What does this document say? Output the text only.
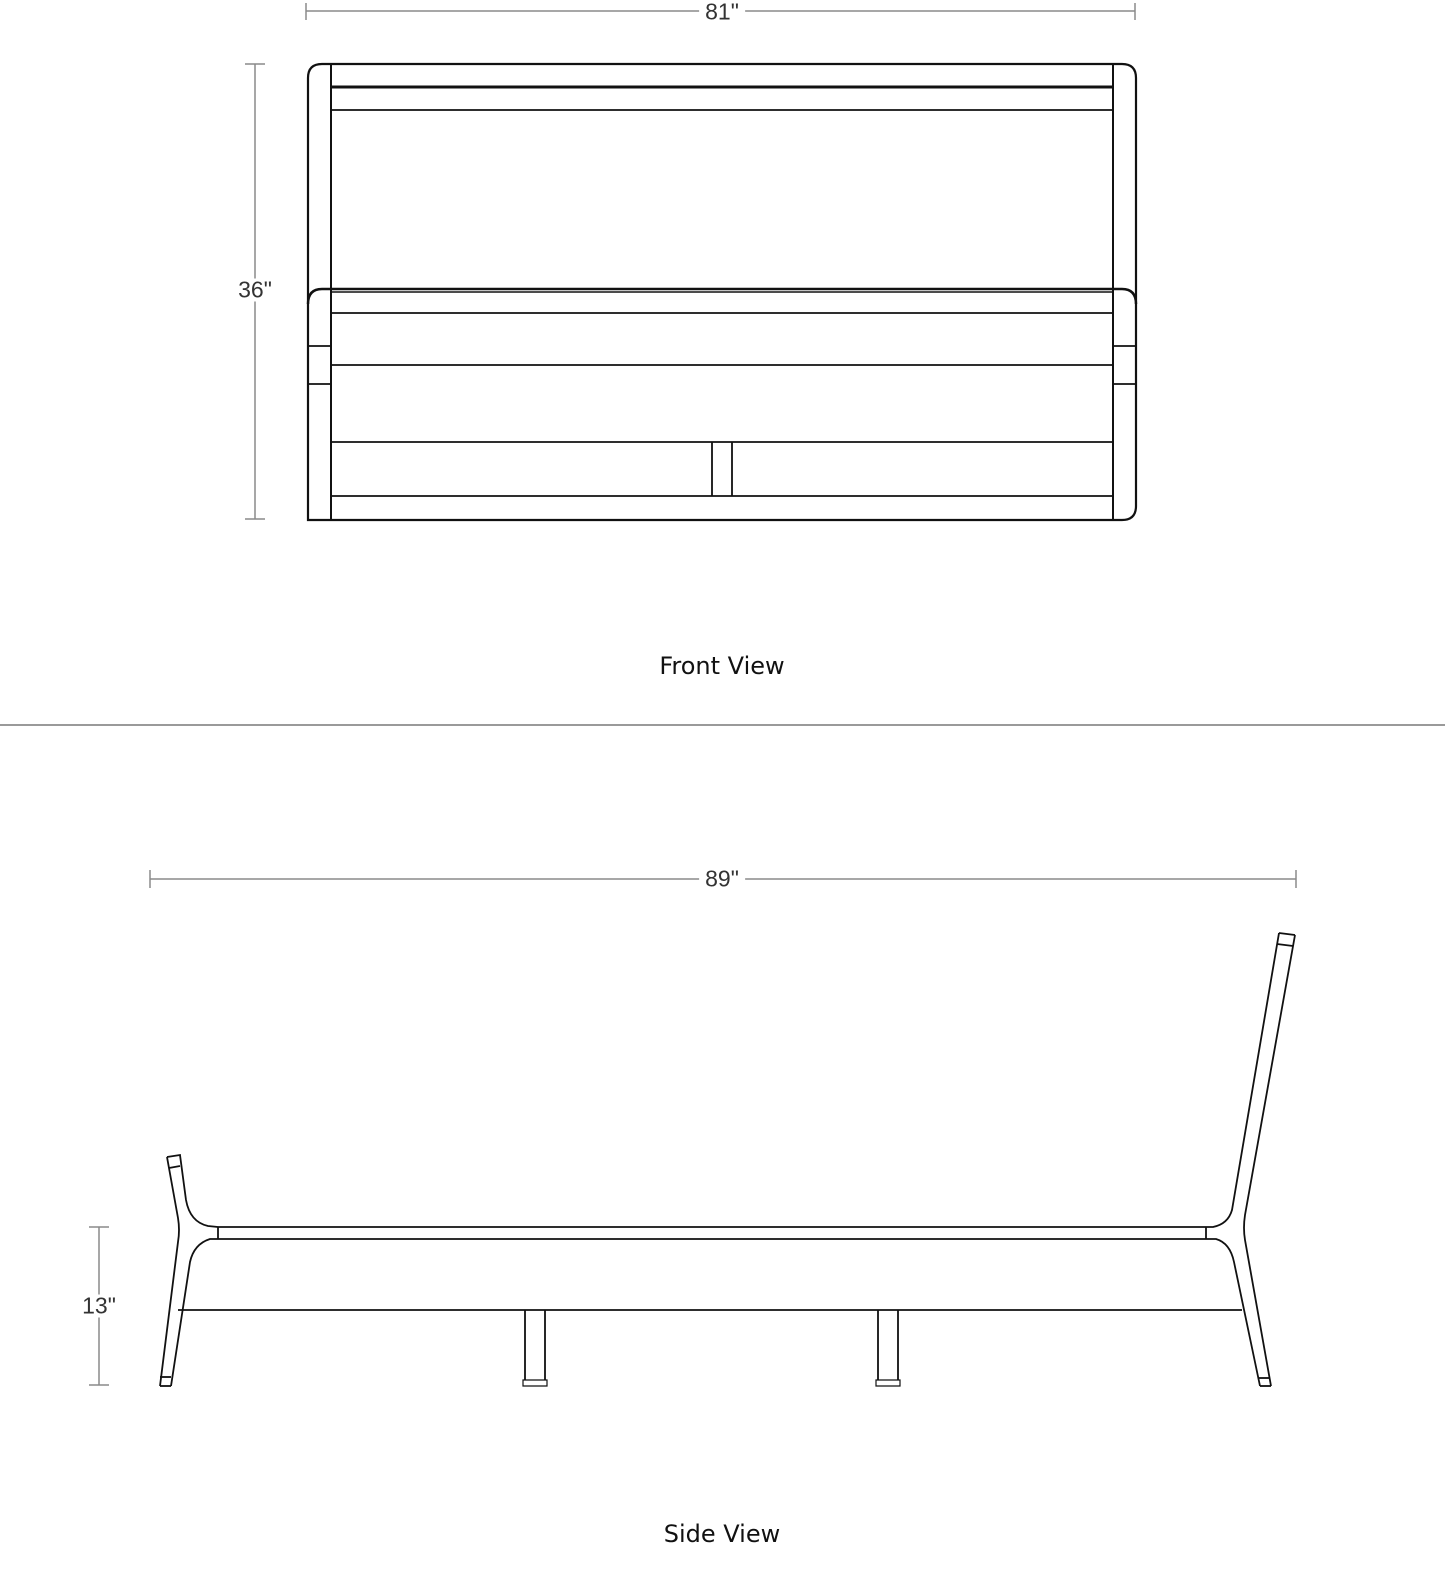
81"
36"
89"
13"
Front View
Side View
